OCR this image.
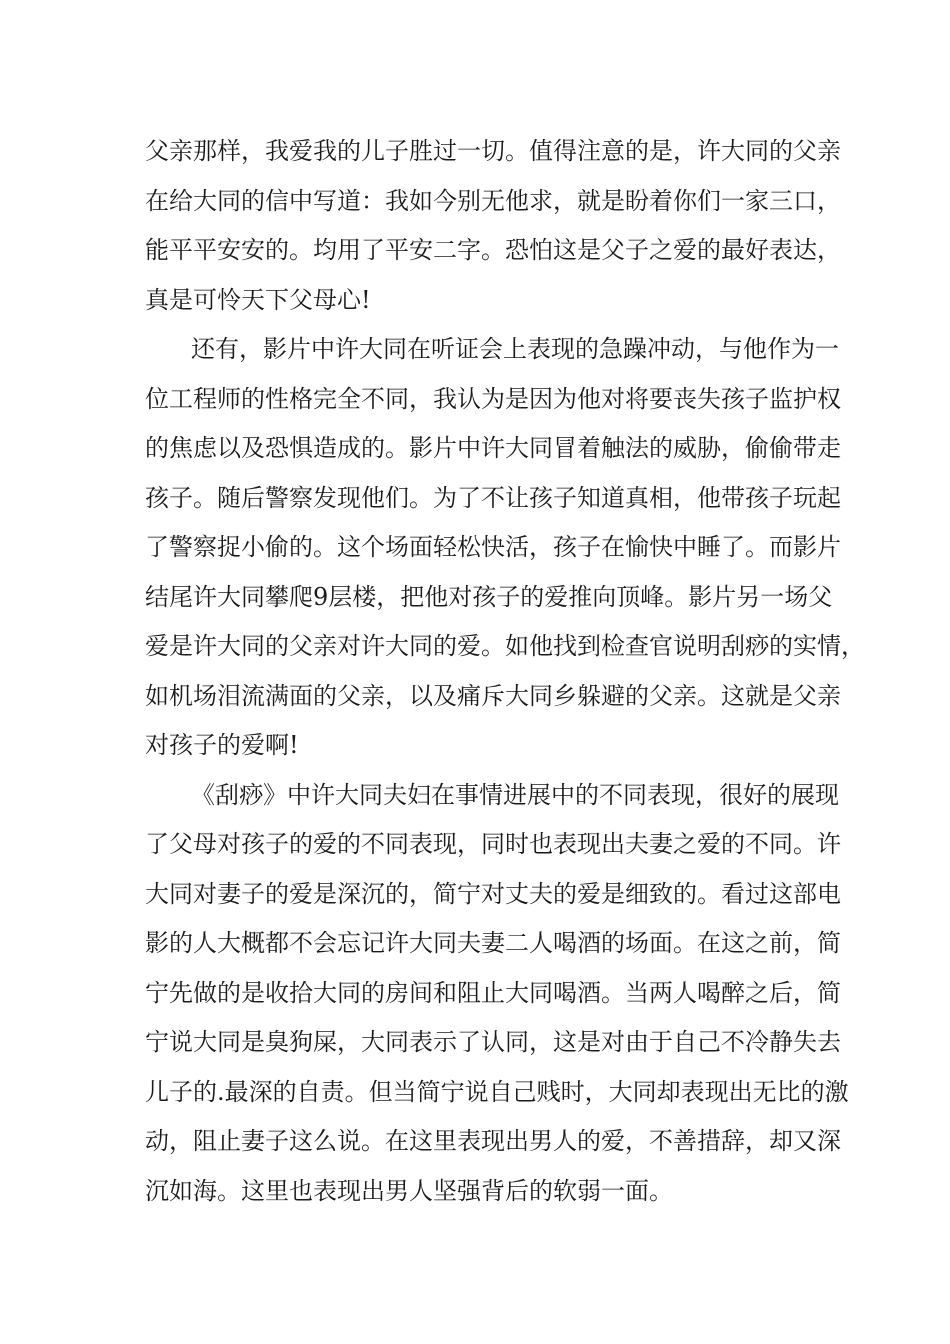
父亲那样，我爱我的儿子胜过一切。值得注意的是，许大同的父亲
在给大同的信中写道：我如今别无他求，就是盼着你们一家三口，
能平平安安的。均用了平安二字。恐怕这是父子之爱的最好表达，
真是可怜天下父母心!
还有，影片中许大同在听证会上表现的急躁冲动，与他作为一
位工程师的性格完全不同，我认为是因为他对将要丧失孩子监护权
的焦虑以及恐惧造成的。影片中许大同冒着触法的威胁，偷偷带走
孩子。随后警察发现他们。为了不让孩子知道真相，他带孩子玩起
了警察捉小偷的。这个场面轻松快活，孩子在愉快中睡了。而影片
结尾许大同攀爬9层楼，把他对孩子的爱推向顶峰。影片另一场父
爱是许大同的父亲对许大同的爱。如他找到检查官说明刮痧的实情，
如机场泪流满面的父亲，以及痛斥大同乡躲避的父亲。这就是父亲
对孩子的爱啊!
《刮痧》中许大同夫妇在事情进展中的不同表现，很好的展现
了父母对孩子的爱的不同表现，同时也表现出夫妻之爱的不同。许
大同对妻子的爱是深沉的，简宁对丈夫的爱是细致的。看过这部电
影的人大概都不会忘记许大同夫妻二人喝酒的场面。在这之前，简
宁先做的是收拾大同的房间和阻止大同喝酒。当两人喝醉之后，简
宁说大同是臭狗屎，大同表示了认同，这是对由于自己不冷静失去
儿子的.最深的自责。但当简宁说自己贱时，大同却表现出无比的激
动，阻止妻子这么说。在这里表现出男人的爱，不善措辞，却又深
沉如海。这里也表现出男人坚强背后的软弱一面。
